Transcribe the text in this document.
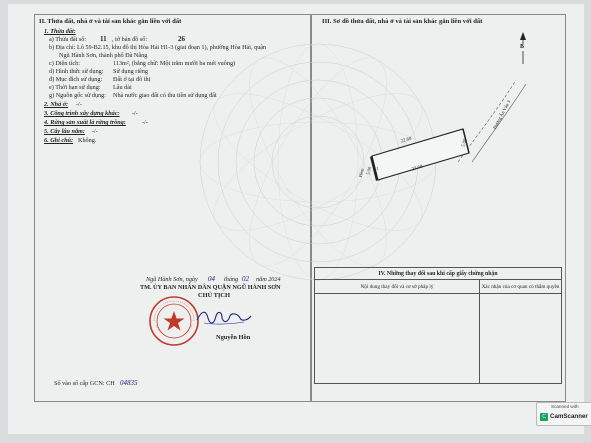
II. Thửa đất, nhà ở và tài sản khác gắn liền với đất
1. Thửa đất:
a) Thửa đất số: 11 , tờ bản đồ số:	26
b) Địa chỉ: Lô 59-B2.15, khu đô thị Hòa Hải H1-3 (giai đoạn 1), phường Hòa Hải, quận
Ngũ Hành Sơn, thành phố Đà Nẵng
c) Diện tích:	113m², (bằng chữ: Một trăm mười ba mét vuông)
d) Hình thức sử dụng: Sử dụng riêng
đ) Mục đích sử dụng: Đất ở tại đô thị
e) Thời hạn sử dụng: Lâu dài
g) Nguồn gốc sử dụng: Nhà nước giao đất có thu tiền sử dụng đất
2. Nhà ở: -/-
3. Công trình xây dựng khác: -/-
4. Rừng sản xuất là rừng trồng:	-/-
5. Cây lâu năm: -/-
6. Ghi chú: Không.
Ngũ Hành Sơn, ngày 04 tháng 02 năm 2024
TM. ỦY BAN NHÂN DÂN QUẬN NGŨ HÀNH SƠN
CHỦ TỊCH
Nguyễn Hồn
Số vào sổ cấp GCN: CH 04835
III. Sơ đồ thửa đất, nhà ở và tài sản khác gắn liền với đất
B
Đường Ân Vân 3
22.60
22.60
5.00
5.00 11
Hẻm
IV. Những thay đổi sau khi cấp giấy chứng nhận	
Nội dung thay đổi và cơ sở pháp lý	Xác nhận của cơ quan có thẩm quyền

Scanned with
C CamScanner
